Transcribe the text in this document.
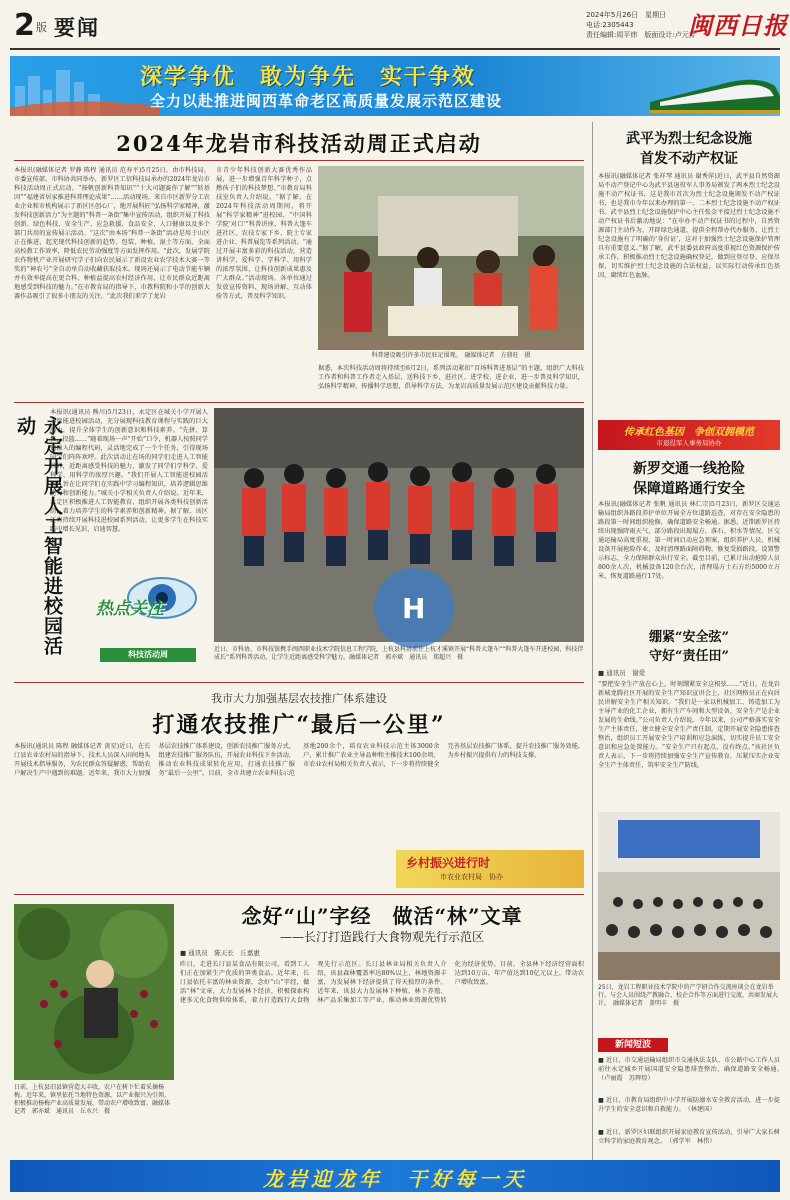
2 版 要闻	2024年5月26日　星期日
电话:2305443
责任编辑:周平炜　版面设计:卢元芳
闽西日报
深学争优　敢为争先　实干争效
全力以赴推进闽西革命老区高质量发展示范区建设
2024年龙岩市科技活动周正式启动
本报讯(融媒体记者 罗静 陈程 通讯员 范寿平)5月25日，由市科技局、市委宣传部、市科协共同举办，新罗区工信科技局承办的2024年龙岩市科技活动周正式启动。“扬帆创新科普知识”“十大司题赛你了解”“转基因”“福建省居家推进科普理论成果”……活动现场，来自市区新罗分工农业企业和市机构展示了新区区创心厂，地开展科匠“弘扬科学家精神，激发科技创新活力”为主题的“科普一条街”集中宣传活动，组织开展了科技创新、绿色科技、安全生产、应急救援、食品安全、人口健康以及多个部门共用的宣传展示活动。“这次”由本场“科普一条街”活动是用于山区正在推进，起充现代科技创新的趋势，包装、种植、湿土等方面，全面高校教工作效率，降低农民劳动强度等方面发挥作用。“此次，发展学院农作物机产业开展研究学子们向农民展示了新设农业农学技术大赛一等奖的“神农号”全自动单自动收藏获取技术。现场还展示了电动节能车辆并有效率提高在更合科、种植益提高农村经济作用，让市民群众近距离地感受到科技的魅力。”在市教育局的指导下，市教科院和小学的创新大赛作品吸引了很多小朋友的关注。“此次我们来学了龙岩
市青少年科技创新大赛优秀作品展，进一步增强青年科学种子，点燃孩子们的科技梦想。”市教育局科技室负责人介绍说。“据了解，在2024年科技活动周期间，将开展“科学家精神”进校园、“中国科学院‘对口’”科普讲座、科普大篷车进社区，农技专家下乡、院士专家进企业、科普展览等系列活动。“通过开展丰富多彩的科技活动，营造讲科学、爱科学、学科学、用科学的浓厚氛围，让科技创新成果惠及广大群众。”活动现场，各单位通过发放宣传资料、现场讲解、互动体验等方式，普及科学知识。
科普建设吸引许多市民驻足围观。　融媒体记者　方鼎旺　摄
据悉，本次科技活动周将持续至6月2日，系列活动紧扣“百场科普进基层”的主题，组织广大科技工作者和科普工作者走入基层，送科技下乡、进社区、进学校、进企业，进一步普及科学知识，弘扬科学精神，传播科学思想，倡导科学方法，为龙岩高质量发展示范区建设贡献科技力量。
武平为烈士纪念设施
首发不动产权证
本报讯(融媒体记者 张祥琴 通讯员 谢秀萍)近日，武平县自然资源局不动产登记中心为武平县退役军人事务局颁发了两本烈士纪念设施不动产权证书，这是我市首次为烈士纪念设施颁发不动产权证书，也是我市今年以来办理的第一、二本烈士纪念设施不动产权证书。武平县烈士纪念设施保护中心主任张金平接过烈士纪念设施不动产权证书后激动地说：“在申办不动产权证书的过程中，自然资源部门主动作为，开辟绿色通道，提供全程帮办代办服务，让烈士纪念设施有了明确的‘身份证’，这对于加强烈士纪念设施保护管理具有重要意义。”据了解，武平县委县政府高度重视红色资源保护传承工作，积极推动烈士纪念设施确权登记，做到应登尽登、应保尽保，切实维护烈士纪念设施的合法权益，以实际行动传承红色基因、赓续红色血脉。
传承红色基因　争创双拥模范
市退役军人事务局协办
新罗交通一线抢险
保障道路通行安全
本报讯(融媒体记者 张帆 通讯员 林仁宗)5月23日，新罗区交通运输局组织各路段养护单位开展全方位道路巡查，对存在安全隐患的路段第一时间组织抢修，确保道路安全畅通。据悉，近期新罗区持续出现强降雨天气，部分路段出现塌方、落石、积水等情况。区交通运输局高度重视，第一时间启动应急预案，组织养护人员、机械设备开展抢险作业，及时清理路面障碍物，修复受损路段，设置警示标志，全力保障群众出行安全。截至目前，已累计出动抢险人员800余人次，机械设备120余台次，清理塌方土石方约5000立方米，恢复道路通行17处。
绷紧“安全弦”
守好“责任田”
■ 通讯员　谢爱
“要把安全生产放在心上，时刻绷紧安全这根弦……”近日，在龙岩新城龙腾社区开展的安全生产知识宣讲会上，社区网格员正在向居民讲解安全生产相关知识。“我们是一家以机械加工、铸造加工为主导产业的化工企业，拥有生产车间和大型设备，安全生产是企业发展的生命线。”公司负责人介绍说。今年以来，公司严格落实安全生产主体责任，建立健全安全生产责任制，定期开展安全隐患排查整治，组织员工开展安全生产培训和应急演练，切实提升员工安全意识和应急处置能力。“安全生产只有起点，没有终点。”该社区负责人表示，下一步将持续加强安全生产宣传教育，压紧压实企业安全生产主体责任，筑牢安全生产防线。
25日，龙岩工程职业技术学院中的产学研合作交流座谈会在龙岩举行。与会人员围绕产教融合、校企合作等方面进行交流，共商发展大计。　融媒体记者　盖明丰　摄
新闻短波
■ 近日，市交通运输局组织市交通执法支队、市公路中心工作人员前往永定城乡开展国道安全隐患排查整治，确保道路安全畅通。　（卢丽霞　苏辉煌）
■ 近日，市教育局组织中小学开展防溺水安全教育活动，进一步提升学生的安全意识和自救能力。　（林建国）
■ 近日，新罗区妇联组织开展家庭教育宣传活动，引导广大家长树立科学的家庭教育观念。　（郭学军　林伟）
永定开展人工智能进校园活动
本报讯(通讯员 熊川)5月23日，永定区在城关小学开展人工智能进校园活动，充分展现科技教育课程与实践的巨大潜力，提升全体学生的创新意识和科技素养。“先拼、算格、投篮……”随着现场一声“开始”口令，机器人按照同学们输入的编程代码，灵活地完成了一个个任务，引得现场同学们阵阵欢呼。此次活动让在场的同学们走进人工智能世界，近距离感受科技的魅力，激发了同学们学科学、爱科学、用科学的浓厚兴趣。“我们开展人工智能进校园活动，旨在让同学们在实践中学习编程知识，培养逻辑思维能力和创新能力。”城关小学相关负责人介绍说。近年来，永定区积极推进人工智能教育，组织开展各类科技创新活动，着力培养学生的科学素养和创新精神。据了解，该区还将持续开展科技进校园系列活动，让更多学生在科技实践中增长见识、启迪智慧。
热点关注
科技活动周
H
近日，市科协、市科技馆携手闽西职业技术学院信息工程学院，上杭县科协前往上杭才溪镇开展“科普大篷车”“科普大篷车开进校园，科技伴成长”系列科普活动，让学生近距离感受科学魅力。融媒体记者　郭亦斌　通讯员　郑超兴　摄
我市大力加强基层农技推广体系建设
打通农技推广“最后一公里”
本报讯(通讯员 陈程 融媒体记者 黄星)近日，在长汀县农业农村局的指导下，技术人员深入田间地头开展技术指导服务，为农民群众答疑解惑，帮助农户解决生产中遇到的难题。近年来，我市大力加强基层农技推广体系建设，创新农技推广服务方式，组建农技推广服务队伍，开展农业科技下乡活动，推动农业科技成果转化应用，打通农技推广服务“最后一公里”。目前，全市共建立农业科技示范基地200余个，培育农业科技示范主体3000余户，累计推广农业主导品种和主推技术100余项。市农业农村局相关负责人表示，下一步将持续健全完善基层农技推广体系，提升农技推广服务效能，为乡村振兴提供有力的科技支撑。
乡村振兴进行时
市农业农村局　协办
念好“山”字经　做活“林”文章
——长汀打造践行大食物观先行示范区
日前，上杭县旧县镇营造大丰收，农户在树下忙着采摘杨梅。近年来，镇里依托当地特色资源，以产业振兴为引领，积极推动杨梅产业高质量发展，带动农户增收致富。融媒体记者　郭亦斌　通讯员　丘水兴　摄
■ 通讯员　陈天长　丘嘉惠
昨日，走进长汀县某食品有限公司，看到工人们正在加紧生产优质的笋类食品。近年来，长汀县依托丰富的林业资源，念好“山”字经，做活“林”文章，大力发展林下经济，积极探索构建多元化食物供给体系，着力打造践行大食物观先行示范区。长汀县林业局相关负责人介绍，该县森林覆盖率达80%以上，林地资源丰富，为发展林下经济提供了得天独厚的条件。近年来，该县大力发展林下种植、林下养殖、林产品采集加工等产业，推动林业资源优势转化为经济优势。目前，全县林下经济经营面积达到10万亩，年产值达到10亿元以上，带动农户增收致富。
龙岩迎龙年　干好每一天
